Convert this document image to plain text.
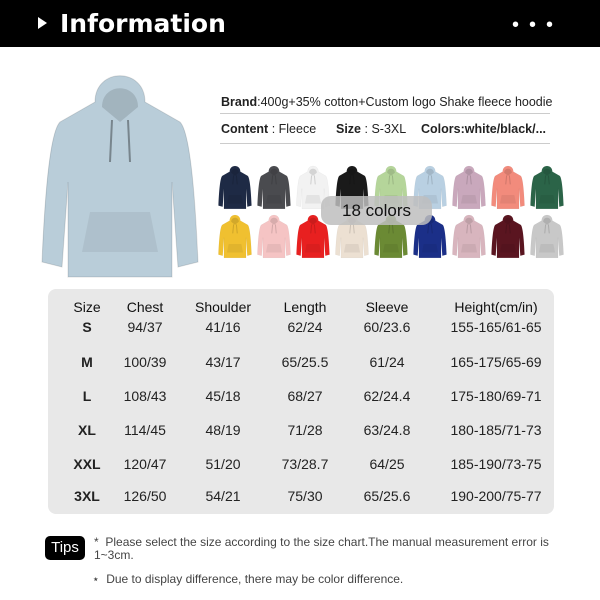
Information	•••
Brand:400g+35% cotton+Custom logo Shake fleece hoodie
Content : Fleece Size : S-3XL Colors:white/black/...
18 colors
Size Chest Shoulder Length	Sleeve	Height(cm/in)
S	94/37	41/16	62/24	60/23.6	155-165/61-65
M 100/39	43/17	65/25.5	61/24	165-175/65-69
L 108/43	45/18	68/27	62/24.4	175-180/69-71
XL 114/45	48/19	71/28	63/24.8	180-185/71-73
XXL 120/47	51/20	73/28.7	64/25	185-190/73-75
3XL 126/50	54/21	75/30	65/25.6	190-200/75-77
Tips	*  Please select the size according to the size chart.The manual measurement error is 1~3cm.
⋆  Due to display difference, there may be color difference.
